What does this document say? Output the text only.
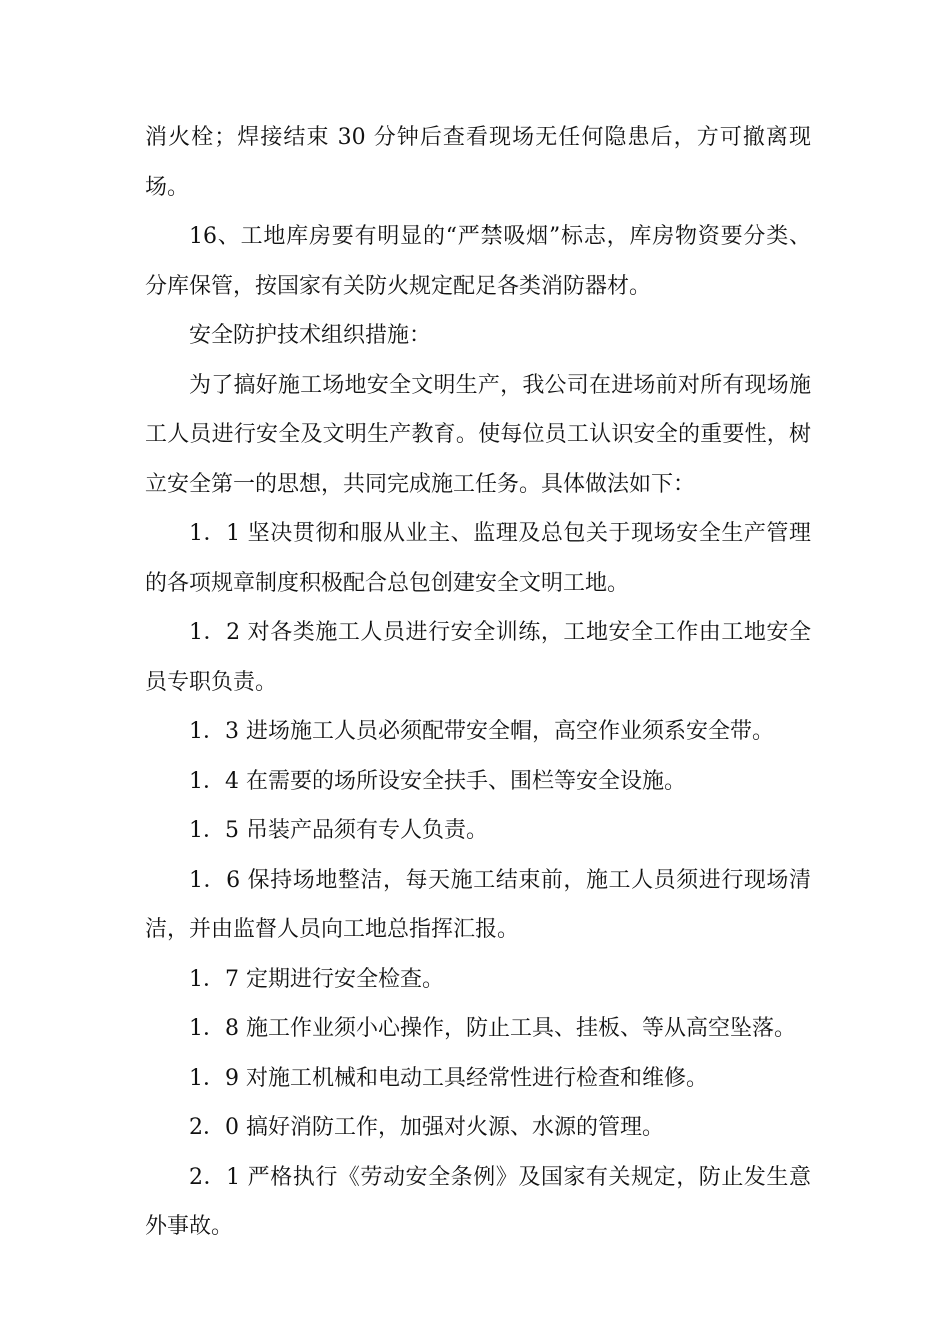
消火栓；焊接结束 30 分钟后查看现场无任何隐患后，方可撤离现场。

16、工地库房要有明显的“严禁吸烟”标志，库房物资要分类、分库保管，按国家有关防火规定配足各类消防器材。

安全防护技术组织措施：

为了搞好施工场地安全文明生产，我公司在进场前对所有现场施工人员进行安全及文明生产教育。使每位员工认识安全的重要性，树立安全第一的思想，共同完成施工任务。具体做法如下：

1．1 坚决贯彻和服从业主、监理及总包关于现场安全生产管理的各项规章制度积极配合总包创建安全文明工地。

1．2 对各类施工人员进行安全训练，工地安全工作由工地安全员专职负责。

1．3 进场施工人员必须配带安全帽，高空作业须系安全带。

1．4 在需要的场所设安全扶手、围栏等安全设施。

1．5 吊装产品须有专人负责。

1．6 保持场地整洁，每天施工结束前，施工人员须进行现场清洁，并由监督人员向工地总指挥汇报。

1．7 定期进行安全检查。

1．8 施工作业须小心操作，防止工具、挂板、等从高空坠落。

1．9 对施工机械和电动工具经常性进行检查和维修。

2．0 搞好消防工作，加强对火源、水源的管理。

2．1 严格执行《劳动安全条例》及国家有关规定，防止发生意外事故。
